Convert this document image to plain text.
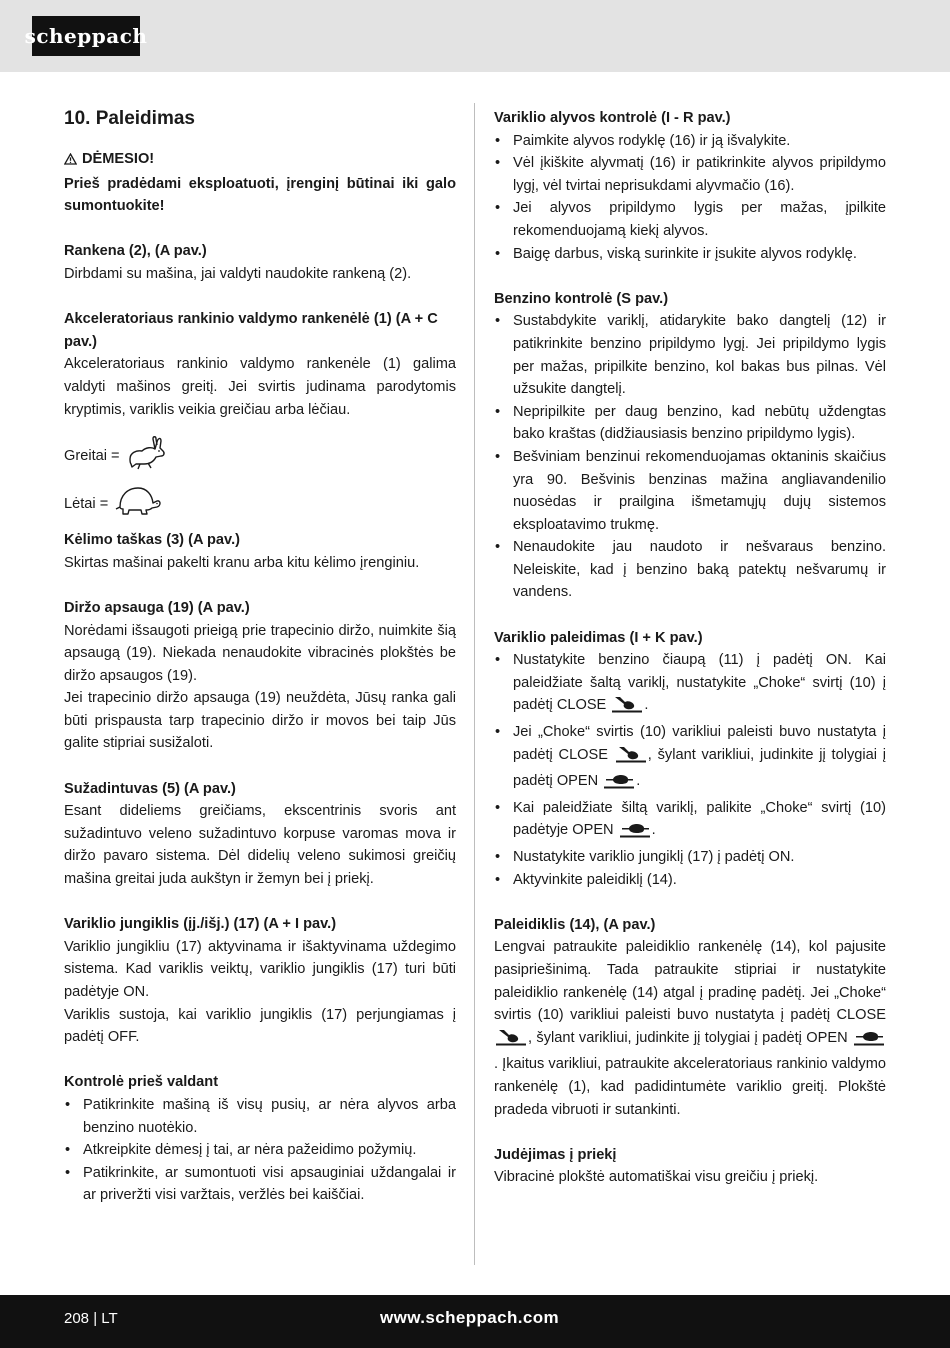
scheppach
10. Paleidimas
DĖMESIO!

Prieš pradėdami eksploatuoti, įrenginį būtinai iki galo sumontuokite!

Rankena (2), (A pav.)

Dirbdami su mašina, jai valdyti naudokite rankeną (2).

Akceleratoriaus rankinio valdymo rankenėlė (1) (A + C pav.)

Akceleratoriaus rankinio valdymo rankenėle (1) galima valdyti mašinos greitį. Jei svirtis judinama parodytomis kryptimis, variklis veikia greičiau arba lėčiau.

Greitai =
Lėtai =
Kėlimo taškas (3) (A pav.)

Skirtas mašinai pakelti kranu arba kitu kėlimo įrenginiu.

Diržo apsauga (19) (A pav.)

Norėdami išsaugoti prieigą prie trapecinio diržo, nuimkite šią apsaugą (19). Niekada nenaudokite vibracinės plokštės be diržo apsaugos (19).

Jei trapecinio diržo apsauga (19) neuždėta, Jūsų ranka gali būti prispausta tarp trapecinio diržo ir movos bei taip Jūs galite stipriai susižaloti.

Sužadintuvas (5) (A pav.)

Esant dideliems greičiams, ekscentrinis svoris ant sužadintuvo veleno sužadintuvo korpuse varomas mova ir diržo pavaro sistema. Dėl didelių veleno sukimosi greičių mašina greitai juda aukštyn ir žemyn bei į priekį.

Variklio jungiklis (įj./išj.) (17) (A + I pav.)

Variklio jungikliu (17) aktyvinama ir išaktyvinama uždegimo sistema. Kad variklis veiktų, variklio jungiklis (17) turi būti padėtyje ON.

Variklis sustoja, kai variklio jungiklis (17) perjungiamas į padėtį OFF.

Kontrolė prieš valdant
• Patikrinkite mašiną iš visų pusių, ar nėra alyvos arba benzino nuotėkio.
• Atkreipkite dėmesį į tai, ar nėra pažeidimo požymių.
• Patikrinkite, ar sumontuoti visi apsauginiai uždangalai ir ar priveržti visi varžtais, veržlės bei kaiščiai.
Variklio alyvos kontrolė (I - R pav.)
• Paimkite alyvos rodyklę (16) ir ją išvalykite.
• Vėl įkiškite alyvmatį (16) ir patikrinkite alyvos pripildymo lygį, vėl tvirtai neprisukdami alyvmačio (16).
• Jei alyvos pripildymo lygis per mažas, įpilkite rekomenduojamą kiekį alyvos.
• Baigę darbus, viską surinkite ir įsukite alyvos rodyklę.
Benzino kontrolė (S pav.)
• Sustabdykite variklį, atidarykite bako dangtelį (12) ir patikrinkite benzino pripildymo lygį. Jei pripildymo lygis per mažas, pripilkite benzino, kol bakas bus pilnas. Vėl užsukite dangtelį.
• Nepripilkite per daug benzino, kad nebūtų uždengtas bako kraštas (didžiausiasis benzino pripildymo lygis).
• Bešviniam benzinui rekomenduojamas oktaninis skaičius yra 90. Bešvinis benzinas mažina angliavandenilio nuosėdas ir prailgina išmetamųjų dujų sistemos eksploatavimo trukmę.
• Nenaudokite jau naudoto ir nešvaraus benzino. Neleiskite, kad į benzino baką patektų nešvarumų ir vandens.
Variklio paleidimas (I + K pav.)
• Nustatykite benzino čiaupą (11) į padėtį ON. Kai paleidžiate šaltą variklį, nustatykite „Choke“ svirtį (10) į padėtį CLOSE	.
• Jei „Choke“ svirtis (10) varikliui paleisti buvo nustatyta į padėtį CLOSE	, šylant varikliui, judinkite jį tolygiai į padėtį OPEN	.
• Kai paleidžiate šiltą variklį, palikite „Choke“ svirtį (10) padėtyje OPEN	.
• Nustatykite variklio jungiklį (17) į padėtį ON.
• Aktyvinkite paleidiklį (14).
Paleidiklis (14), (A pav.)

Lengvai patraukite paleidiklio rankenėlę (14), kol pajusite pasipriešinimą. Tada patraukite stipriai ir nustatykite paleidiklio rankenėlę (14) atgal į pradinę padėtį. Jei „Choke“ svirtis (10) varikliui paleisti buvo nustatyta į padėtį CLOSE , šylant varikliui, judinkite jį tolygiai į padėtį OPEN . Įkaitus varikliui, patraukite akceleratoriaus rankinio valdymo rankenėlę (1), kad padidintumėte variklio greitį. Plokštė pradeda vibruoti ir sutankinti.

Judėjimas į priekį

Vibracinė plokštė automatiškai visu greičiu į priekį.

208 | LT	www.scheppach.com
